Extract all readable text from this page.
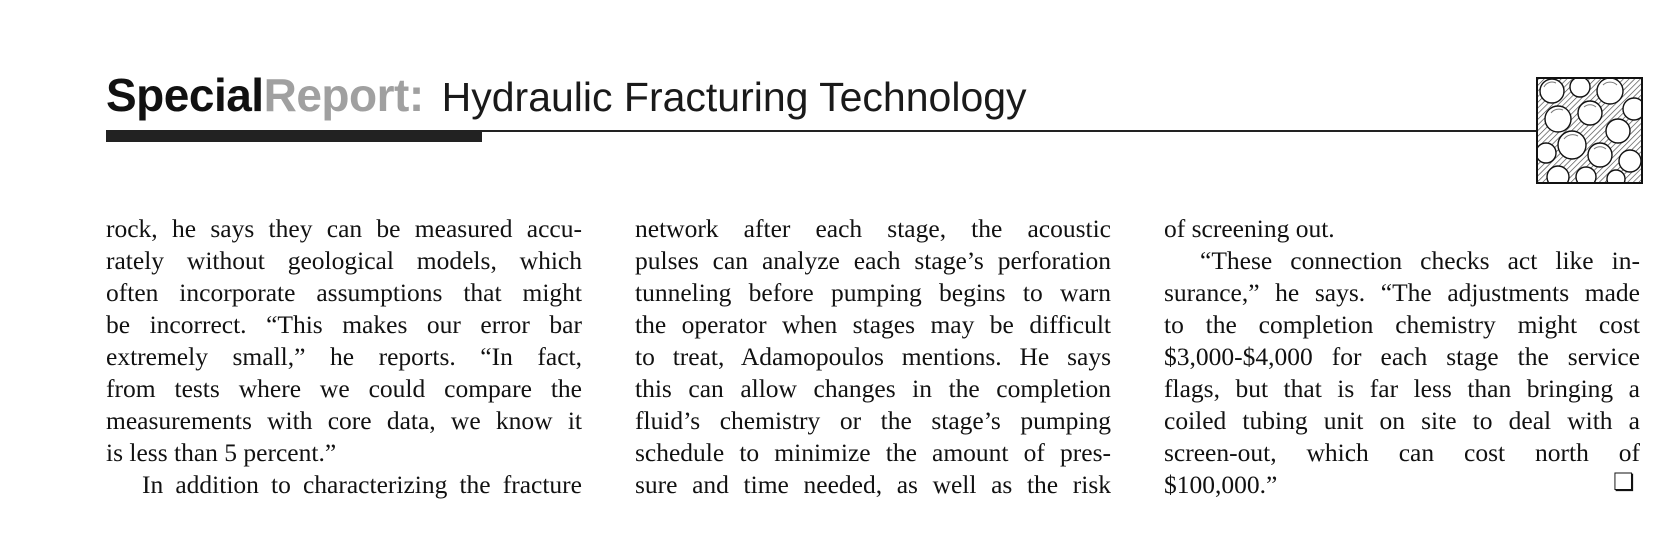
SpecialReport: Hydraulic Fracturing Technology

rock, he says they can be measured accu-
rately without geological models, which
often incorporate assumptions that might
be incorrect. “This makes our error bar
extremely small,” he reports. “In fact,
from tests where we could compare the
measurements with core data, we know it
is less than 5 percent.”

In addition to characterizing the fracture

network after each stage, the acoustic
pulses can analyze each stage’s perforation
tunneling before pumping begins to warn
the operator when stages may be difficult
to treat, Adamopoulos mentions. He says
this can allow changes in the completion
fluid’s chemistry or the stage’s pumping
schedule to minimize the amount of pres-
sure and time needed, as well as the risk

of screening out.

“These connection checks act like in-
surance,” he says. “The adjustments made
to the completion chemistry might cost
$3,000-$4,000 for each stage the service
flags, but that is far less than bringing a
coiled tubing unit on site to deal with a
screen-out, which can cost north of
$100,000.”	❏
